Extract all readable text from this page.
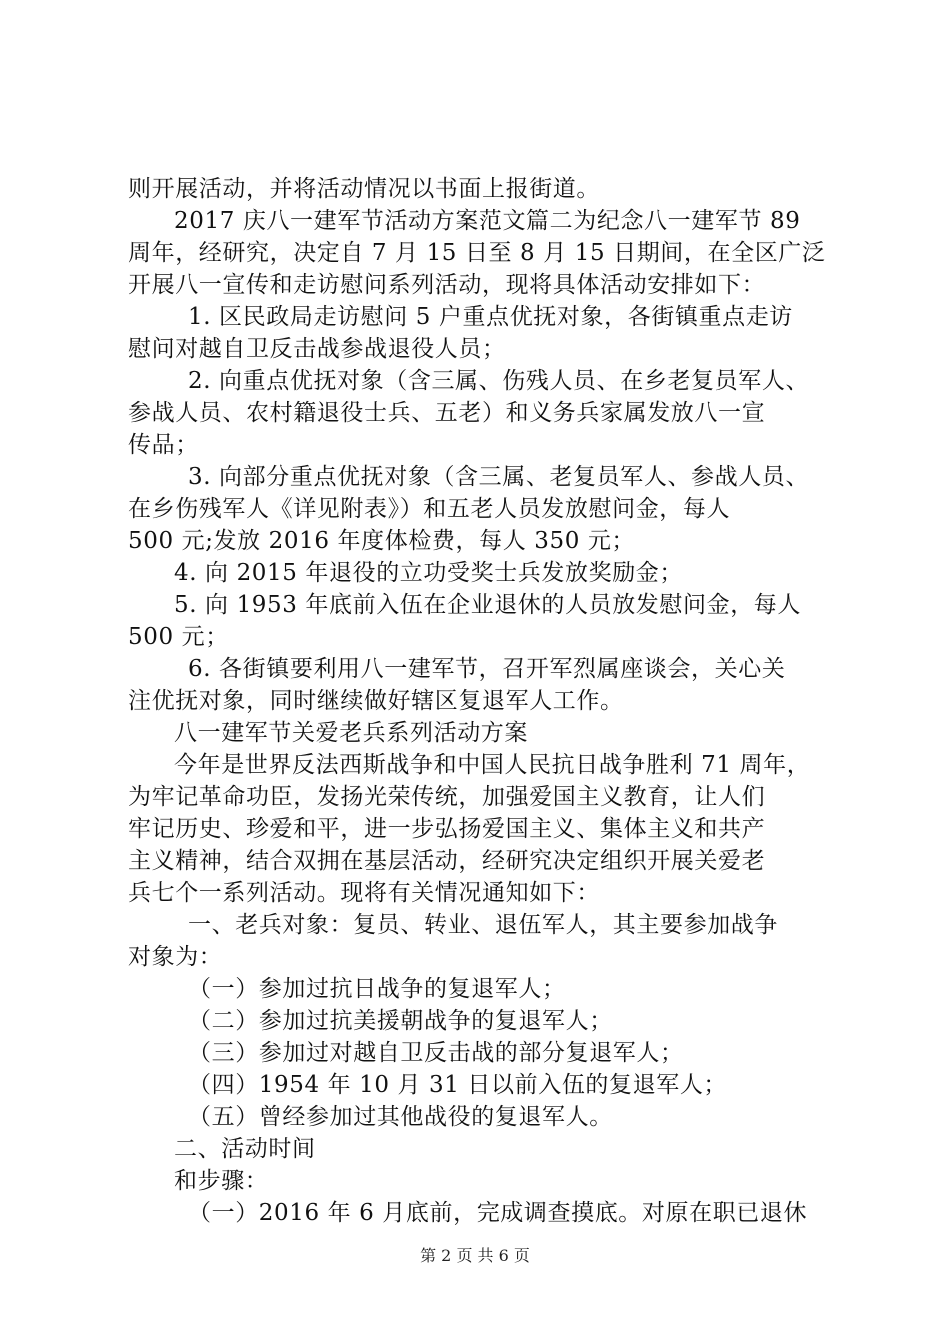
则开展活动，并将活动情况以书面上报街道。
2017 庆八一建军节活动方案范文篇二为纪念八一建军节 89
周年，经研究，决定自 7 月 15 日至 8 月 15 日期间，在全区广泛
开展八一宣传和走访慰问系列活动，现将具体活动安排如下：
1. 区民政局走访慰问 5 户重点优抚对象，各街镇重点走访
慰问对越自卫反击战参战退役人员；
2. 向重点优抚对象（含三属、伤残人员、在乡老复员军人、
参战人员、农村籍退役士兵、五老）和义务兵家属发放八一宣
传品；
3. 向部分重点优抚对象（含三属、老复员军人、参战人员、
在乡伤残军人《详见附表》）和五老人员发放慰问金，每人
500 元;发放 2016 年度体检费，每人 350 元；
4. 向 2015 年退役的立功受奖士兵发放奖励金；
5. 向 1953 年底前入伍在企业退休的人员放发慰问金，每人
500 元；
6. 各街镇要利用八一建军节，召开军烈属座谈会，关心关
注优抚对象，同时继续做好辖区复退军人工作。
八一建军节关爱老兵系列活动方案
今年是世界反法西斯战争和中国人民抗日战争胜利 71 周年，
为牢记革命功臣，发扬光荣传统，加强爱国主义教育，让人们
牢记历史、珍爱和平，进一步弘扬爱国主义、集体主义和共产
主义精神，结合双拥在基层活动，经研究决定组织开展关爱老
兵七个一系列活动。现将有关情况通知如下：
一、老兵对象：复员、转业、退伍军人，其主要参加战争
对象为：
（一）参加过抗日战争的复退军人；
（二）参加过抗美援朝战争的复退军人；
（三）参加过对越自卫反击战的部分复退军人；
（四）1954 年 10 月 31 日以前入伍的复退军人；
（五）曾经参加过其他战役的复退军人。
二、活动时间
和步骤：
（一）2016 年 6 月底前，完成调查摸底。对原在职已退休
第 2 页 共 6 页
